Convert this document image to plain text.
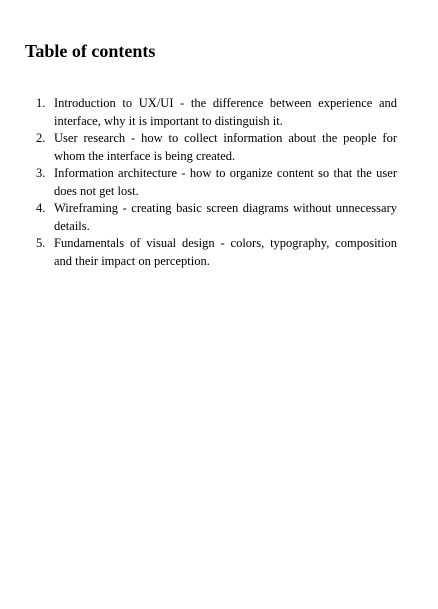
Table of contents
1. Introduction to UX/UI - the difference between experience and interface, why it is important to distinguish it.
2. User research - how to collect information about the people for whom the interface is being created.
3. Information architecture - how to organize content so that the user does not get lost.
4. Wireframing - creating basic screen diagrams without unnecessary details.
5. Fundamentals of visual design - colors, typography, composition and their impact on perception.
